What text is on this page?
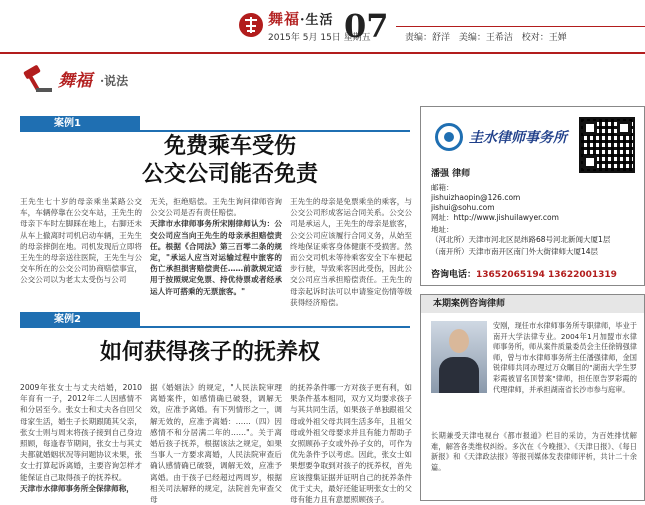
舞福·生活
2015年 5月 15日 星期五
07 责编：舒洋 美编：王希洁 校对：王婵
舞福 ·说法
案例1
免费乘车受伤
公交公司能否免责
王先生七十岁的母亲乘坐某路公交车，车辆停靠在公交车站，王先生的母亲下车时左脚踩在地上，右脚还未从车上撤离时司机启动车辆，王先生的母亲摔倒在地。司机发现后立即将王先生的母亲送往医院，王先生与公交车所在的公交公司协商赔偿事宜，公交公司以为老太太受伤与公司
无关，拒绝赔偿。王先生询问律师咨询公交公司是否有责任赔偿。
天津市水律师事务所宋刚律师认为：公交公司应当向王先生的母亲承担赔偿责任。根据《合同法》第三百零二条的规定，"承运人应当对运输过程中旅客的伤亡承担损害赔偿责任……前款规定适用于按照规定免票、持优待票或者经承运人许可搭乘的无票旅客。"
王先生的母亲是免票乘坐的乘客，与公交公司形成客运合同关系。公交公司是承运人，王先生的母亲是旅客，公交公司应该履行合同义务，从始至终地保证乘客身体健康不受损害。然而公交司机未等待乘客安全下车便起步行驶，导致乘客因此受伤，因此公交公司应当承担赔偿责任。王先生的母亲起诉时法可以申请鉴定伤情等级获得经济赔偿。
案例2
如何获得孩子的抚养权
2009年张女士与丈夫结婚，2010年育有一子，2012年二人因感情不和分居至今。张女士和丈夫各自回父母家生活，婚生子长期跟随其父亲，张女士则与周末将孩子接到自己身边照顾，每逢春节期间，张女士与其丈夫都就婚姻状况等问题协议未果，张女士打算起诉离婚，主要咨询怎样才能保证自己取得孩子的抚养权。
天津市水律师事务所全保律师称，
据《婚姻法》的规定，"人民法院审理离婚案件，如感情确已破裂，调解无效，应准予离婚。有下列情形之一，调解无效的，应准予离婚：……（四）因感情不和分居满二年的……"。关于离婚后孩子抚养，根据该法之规定，如果当事人一方要求离婚，人民法院审查后确认感情确已破裂，调解无效，应准予离婚。由于孩子已经超过两周岁，根据相关司法解释的规定，法院首先审查父母
的抚养条件哪一方对孩子更有利，如果条件基本相同，双方又均要求孩子与其共同生活，如果孩子单独跟祖父母或外祖父母共同生活多年，且祖父母或外祖父母要求并且有能力帮助子女照顾孙子女或外孙子女的，可作为优先条件予以考虑。因此，张女士如果想要争取到对孩子的抚养权，首先应该搜集证据并证明自己的抚养条件优于丈夫，最好还能证明张女士的父母有能力且有意愿照顾孩子。
圭水律师事务所
潘强 律师
邮箱：
jishuizhaopin@126.com
jishui@sohu.com
网址：http://www.jishuilawyer.com
地址：
（河北所）天津市河北区昆纬路68号河北新闻大厦1层
（南开所）天津市南开区南门外大街律师大厦14层
咨询电话：13652065194 13622001319
本期案例咨询律师
安刚，现任市水律师事务所专职律师，毕业于南开大学法律专业。2004年1月加盟市水律师事务所，师从案件质量委员会主任徐锦强律师，曾与市水律师事务所主任潘强律师，金国锐律师共同办理过万众瞩目的"湖南大学生罗彩霞被冒名顶替案"律师，担任原告罗彩霞的代理律师，并承担湖南省长沙市参与庭审。
长期兼受天津电视台《都市报道》栏目的采访，为百姓排忧解难，解答各类维权纠纷。多次在《今晚报》、《天津日报》、《每日新报》和《天津政法报》等报刊媒体发表律师评析，共计二十余篇。
